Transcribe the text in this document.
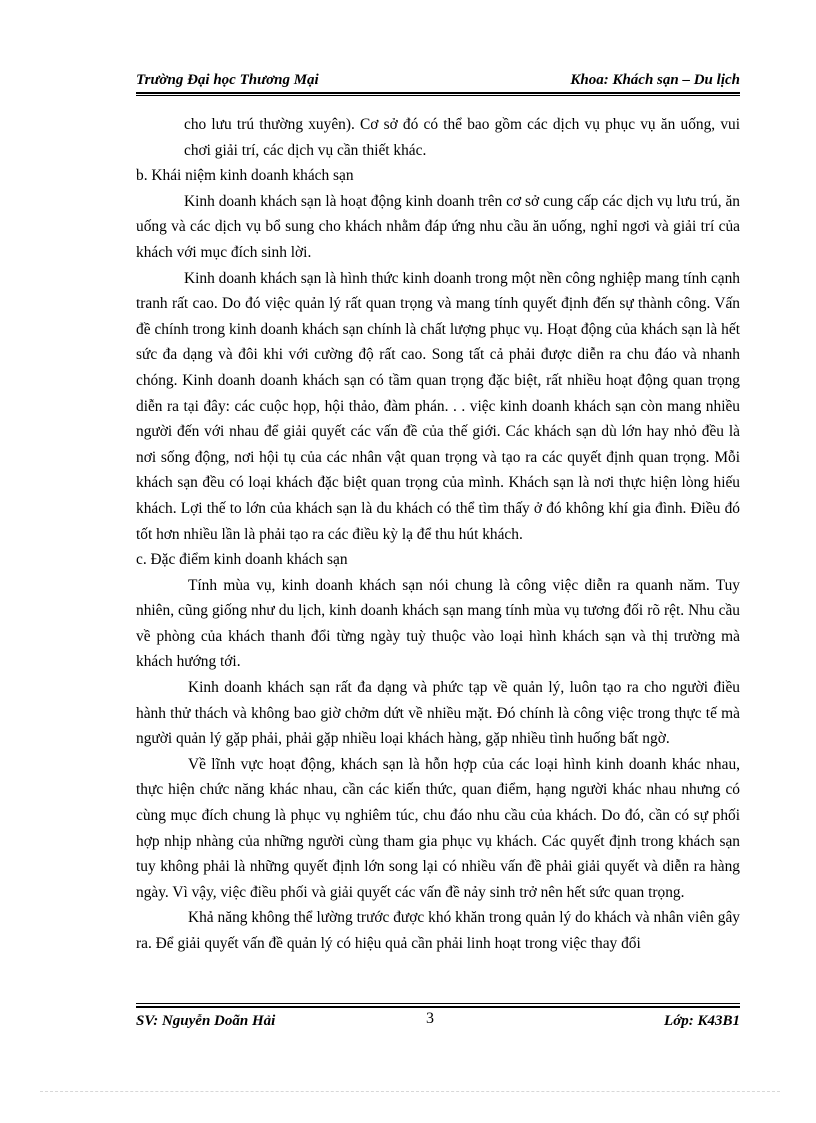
Trường Đại học Thương Mại	Khoa: Khách sạn – Du lịch

cho lưu trú thường xuyên). Cơ sở đó có thể bao gồm các dịch vụ phục vụ ăn uống, vui chơi giải trí, các dịch vụ cần thiết khác.

b. Khái niệm kinh doanh khách sạn

Kinh doanh khách sạn là hoạt động kinh doanh trên cơ sở cung cấp các dịch vụ lưu trú, ăn uống và các dịch vụ bổ sung cho khách nhằm đáp ứng nhu cầu ăn uống, nghỉ ngơi và giải trí của khách với mục đích sinh lời.

Kinh doanh khách sạn là hình thức kinh doanh trong một nền công nghiệp mang tính cạnh tranh rất cao. Do đó việc quản lý rất quan trọng và mang tính quyết định đến sự thành công. Vấn đề chính trong kinh doanh khách sạn chính là chất lượng phục vụ. Hoạt động của khách sạn là hết sức đa dạng và đôi khi với cường độ rất cao. Song tất cả phải được diễn ra chu đáo và nhanh chóng. Kinh doanh doanh khách sạn có tầm quan trọng đặc biệt, rất nhiều hoạt động quan trọng diễn ra tại đây: các cuộc họp, hội thảo, đàm phán. . . việc kinh doanh khách sạn còn mang nhiều người đến với nhau để giải quyết các vấn đề của thế giới. Các khách sạn dù lớn hay nhỏ đều là nơi sống động, nơi hội tụ của các nhân vật quan trọng và tạo ra các quyết định quan trọng. Mỗi khách sạn đều có loại khách đặc biệt quan trọng của mình. Khách sạn là nơi thực hiện lòng hiếu khách. Lợi thế to lớn của khách sạn là du khách có thể tìm thấy ở đó không khí gia đình. Điều đó tốt hơn nhiều lần là phải tạo ra các điều kỳ lạ để thu hút khách.

c. Đặc điểm kinh doanh khách sạn

Tính mùa vụ, kinh doanh khách sạn nói chung là công việc diễn ra quanh năm. Tuy nhiên, cũng giống như du lịch, kinh doanh khách sạn mang tính mùa vụ tương đối rõ rệt. Nhu cầu về phòng của khách thanh đổi từng ngày tuỳ thuộc vào loại hình khách sạn và thị trường mà khách hướng tới.

Kinh doanh khách sạn rất đa dạng và phức tạp về quản lý, luôn tạo ra cho người điều hành thử thách và không bao giờ chởm dứt về nhiều mặt. Đó chính là công việc trong thực tế mà người quản lý gặp phải, phải gặp nhiều loại khách hàng, gặp nhiều tình huống bất ngờ.

Về lĩnh vực hoạt động, khách sạn là hỗn hợp của các loại hình kinh doanh khác nhau, thực hiện chức năng khác nhau, cần các kiến thức, quan điểm, hạng người khác nhau nhưng có cùng mục đích chung là phục vụ nghiêm túc, chu đáo nhu cầu của khách. Do đó, cần có sự phối hợp nhịp nhàng của những người cùng tham gia phục vụ khách. Các quyết định trong khách sạn tuy không phải là những quyết định lớn song lại có nhiều vấn đề phải giải quyết và diễn ra hàng ngày. Vì vậy, việc điều phối và giải quyết các vấn đề nảy sinh trở nên hết sức quan trọng.

Khả năng không thể lường trước được khó khăn trong quản lý do khách và nhân viên gây ra. Để giải quyết vấn đề quản lý có hiệu quả cần phải linh hoạt trong việc thay đổi

SV: Nguyễn Doãn Hải	3	Lớp: K43B1
